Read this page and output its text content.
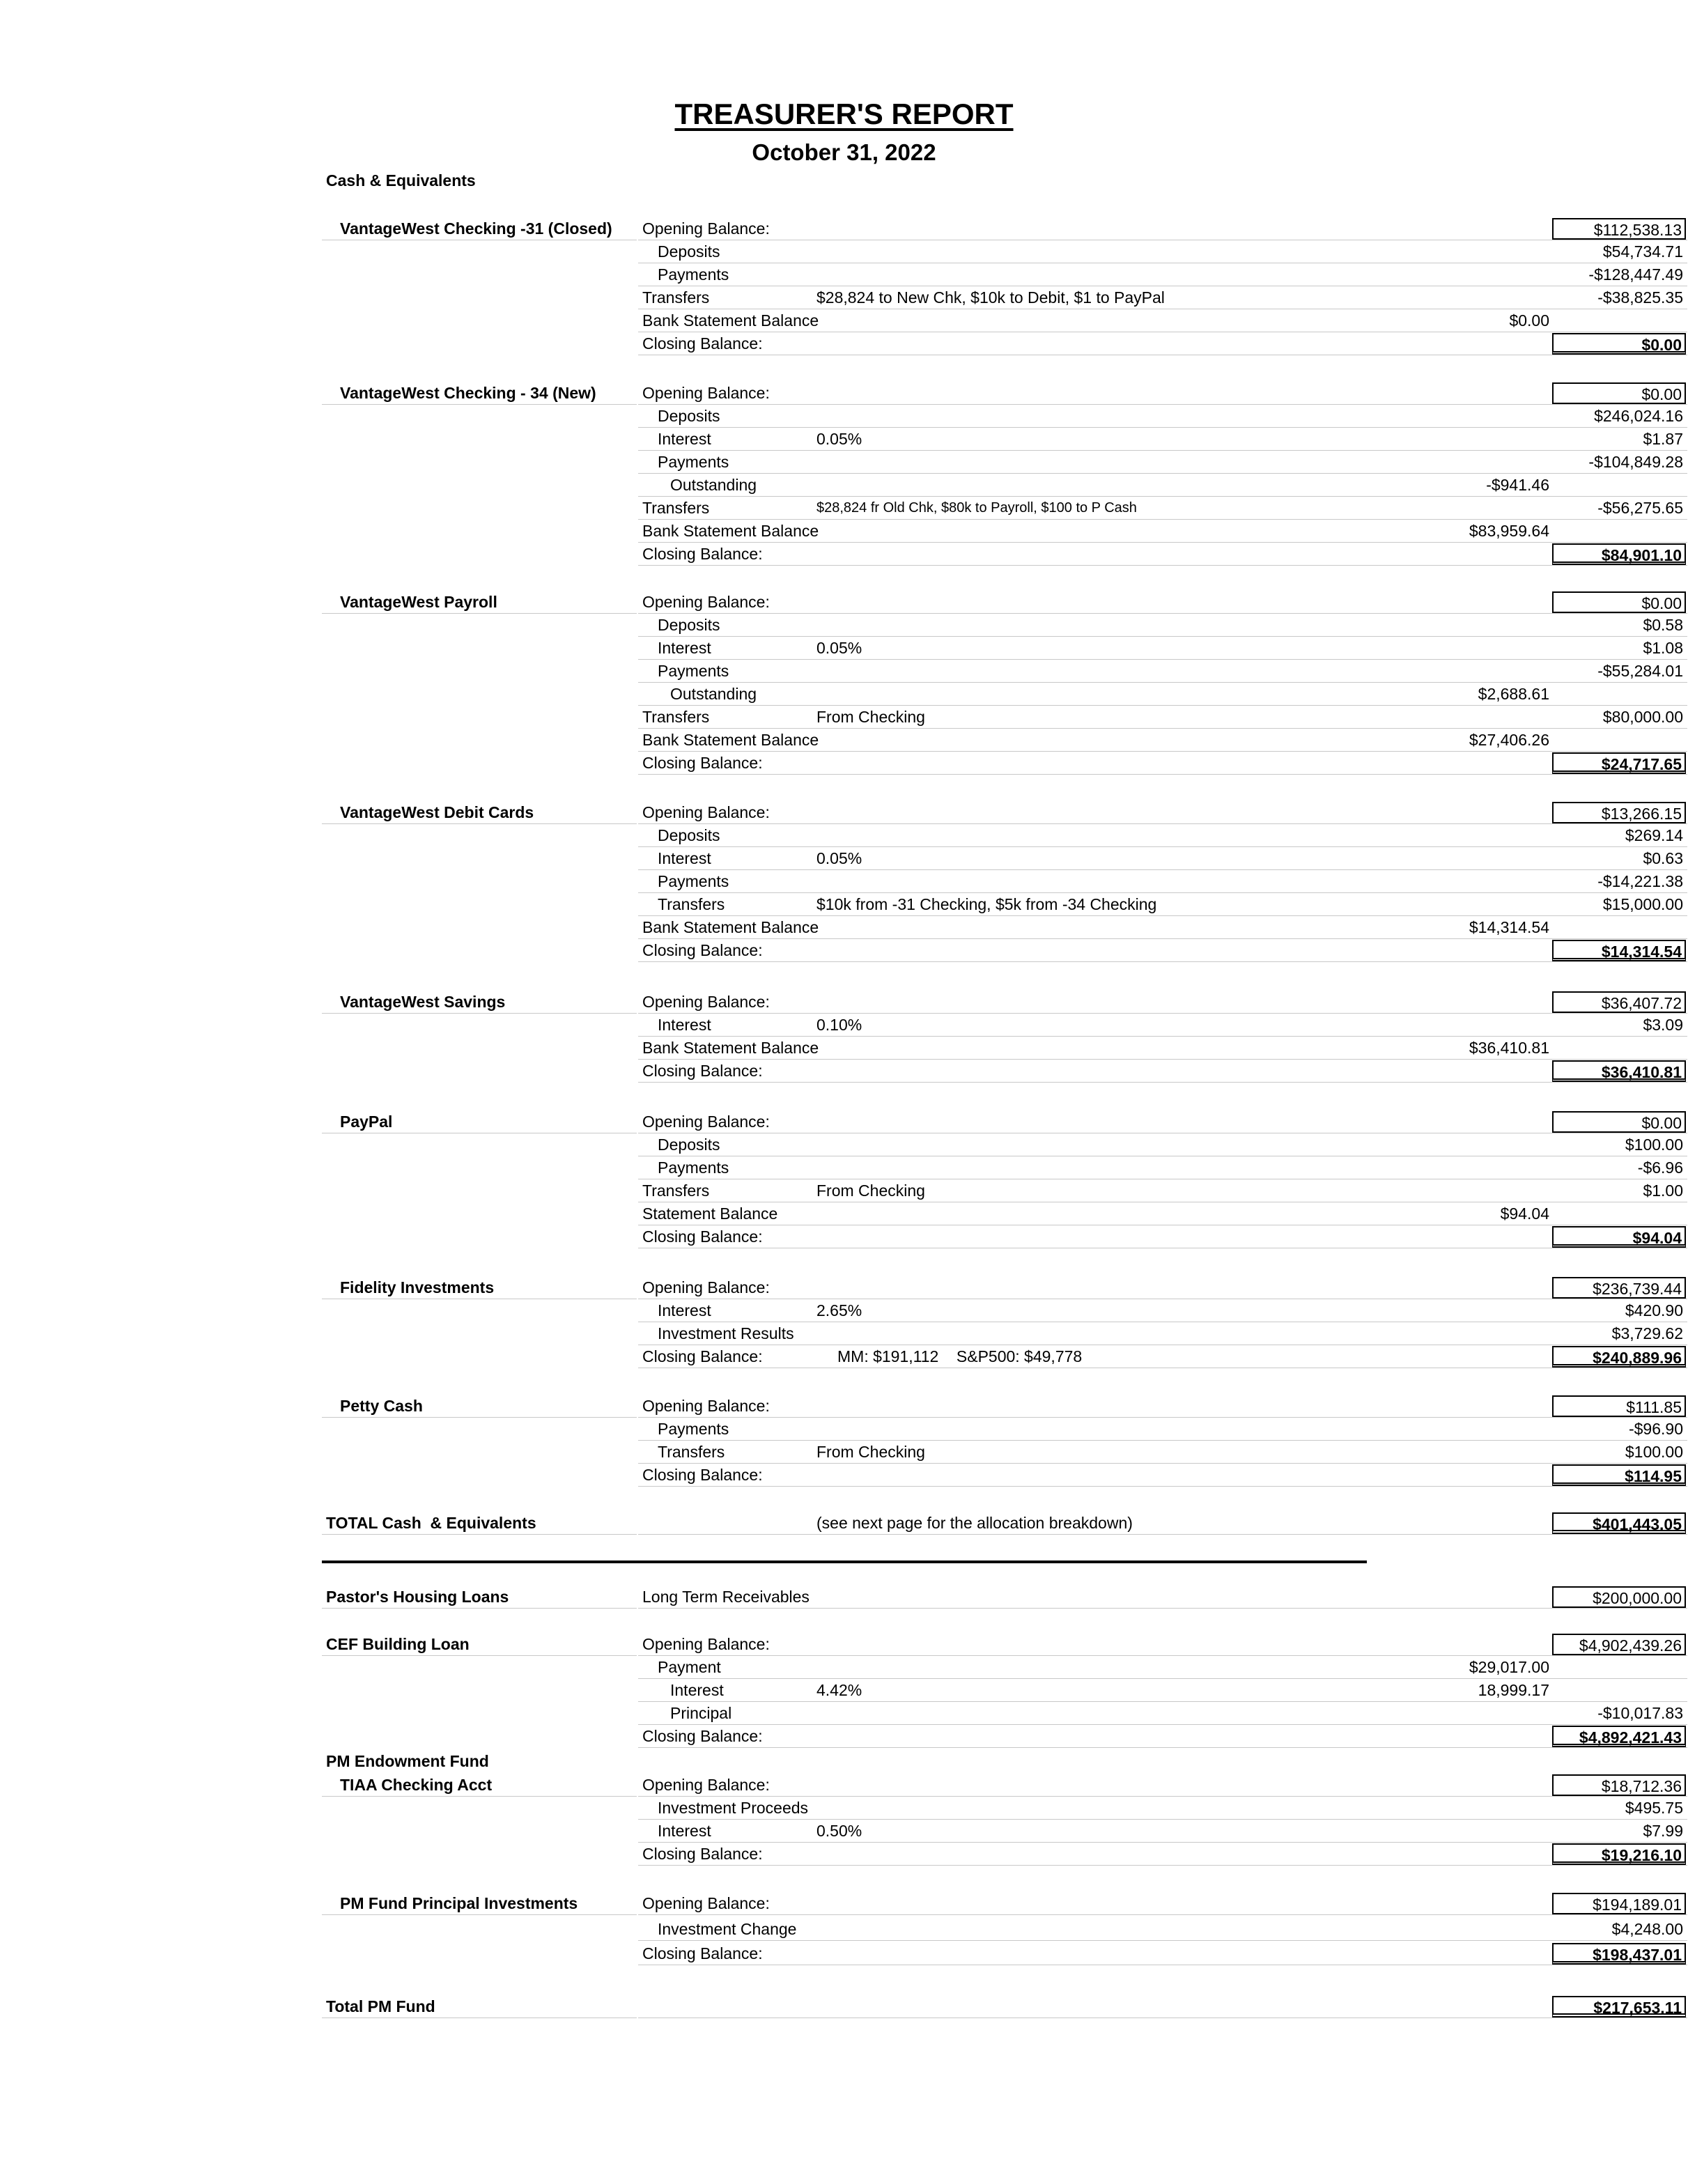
TREASURER'S REPORT
October 31, 2022
Cash & Equivalents
VantageWest Checking -31 (Closed)	Opening Balance:	$112,538.13
Deposits	$54,734.71
Payments	-$128,447.49
Transfers	$28,824 to New Chk, $10k to Debit, $1 to PayPal	-$38,825.35
Bank Statement Balance	$0.00
Closing Balance:	$0.00
VantageWest Checking - 34 (New)	Opening Balance:	$0.00
Deposits	$246,024.16
Interest	0.05%	$1.87
Payments	-$104,849.28
Outstanding	-$941.46
Transfers	$28,824 fr Old Chk, $80k to Payroll, $100 to P Cash	-$56,275.65
Bank Statement Balance	$83,959.64
Closing Balance:	$84,901.10
VantageWest Payroll	Opening Balance:	$0.00
Deposits	$0.58
Interest	0.05%	$1.08
Payments	-$55,284.01
Outstanding	$2,688.61
Transfers	From Checking	$80,000.00
Bank Statement Balance	$27,406.26
Closing Balance:	$24,717.65
VantageWest Debit Cards	Opening Balance:	$13,266.15
Deposits	$269.14
Interest	0.05%	$0.63
Payments	-$14,221.38
Transfers	$10k from -31 Checking, $5k from -34 Checking	$15,000.00
Bank Statement Balance	$14,314.54
Closing Balance:	$14,314.54
VantageWest Savings	Opening Balance:	$36,407.72
Interest	0.10%	$3.09
Bank Statement Balance	$36,410.81
Closing Balance:	$36,410.81
PayPal	Opening Balance:	$0.00
Deposits	$100.00
Payments	-$6.96
Transfers	From Checking	$1.00
Statement Balance	$94.04
Closing Balance:	$94.04
Fidelity Investments	Opening Balance:	$236,739.44
Interest	2.65%	$420.90
Investment Results	$3,729.62
Closing Balance:	MM: $191,112    S&P500: $49,778	$240,889.96
Petty Cash	Opening Balance:	$111.85
Payments	-$96.90
Transfers	From Checking	$100.00
Closing Balance:	$114.95
TOTAL Cash  & Equivalents	(see next page for the allocation breakdown)	$401,443.05
Pastor's Housing Loans	Long Term Receivables	$200,000.00
CEF Building Loan	Opening Balance:	$4,902,439.26
Payment	$29,017.00
Interest	4.42%	18,999.17
Principal	-$10,017.83
Closing Balance:	$4,892,421.43
PM Endowment Fund
TIAA Checking Acct	Opening Balance:	$18,712.36
Investment Proceeds	$495.75
Interest	0.50%	$7.99
Closing Balance:	$19,216.10
PM Fund Principal Investments	Opening Balance:	$194,189.01
Investment Change	$4,248.00
Closing Balance:	$198,437.01
Total PM Fund	$217,653.11
